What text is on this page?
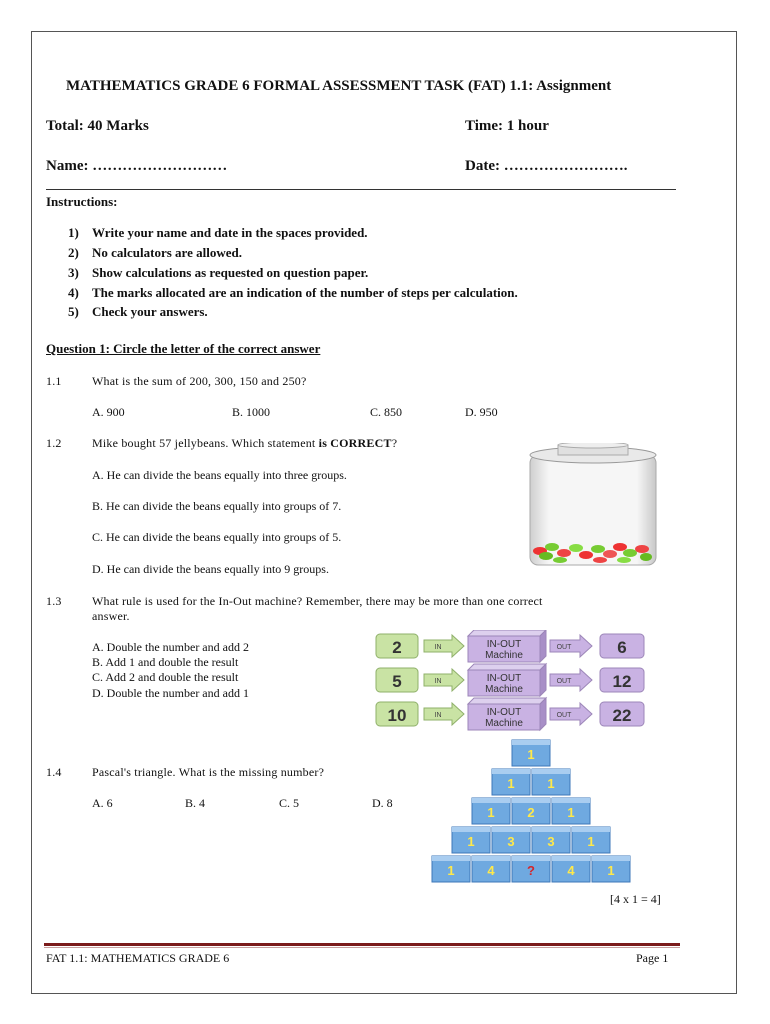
MATHEMATICS GRADE 6 FORMAL ASSESSMENT TASK (FAT) 1.1: Assignment
Total: 40 Marks	Time: 1 hour
Name: ………………………	Date: …………………….
Instructions:
1) Write your name and date in the spaces provided.
2) No calculators are allowed.
3) Show calculations as requested on question paper.
4) The marks allocated are an indication of the number of steps per calculation.
5) Check your answers.
Question 1: Circle the letter of the correct answer
1.1	What is the sum of 200, 300, 150 and 250?
A. 900	B. 1000	C. 850	D. 950
1.2	Mike bought 57 jellybeans. Which statement is CORRECT?
A. He can divide the beans equally into three groups.
B. He can divide the beans equally into groups of 7.
C. He can divide the beans equally into groups of 5.
D. He can divide the beans equally into 9 groups.
1.3	What rule is used for the In-Out machine? Remember, there may be more than one correct
answer.
A. Double the number and add 2
B. Add 1 and double the result
C. Add 2 and double the result
D. Double the number and add 1
2	IN	IN-OUT
Machine
OUT	6
5	IN	IN-OUT
Machine
OUT 12
10	IN	IN-OUT
Machine
OUT 22
1.4	Pascal's triangle. What is the missing number?
A. 6	B. 4	C. 5	D. 8
1
1	1
1	2	1
1	3	3	1
1	4 ? 4	1
[4 x 1 = 4]
FAT 1.1: MATHEMATICS GRADE 6	Page 1
